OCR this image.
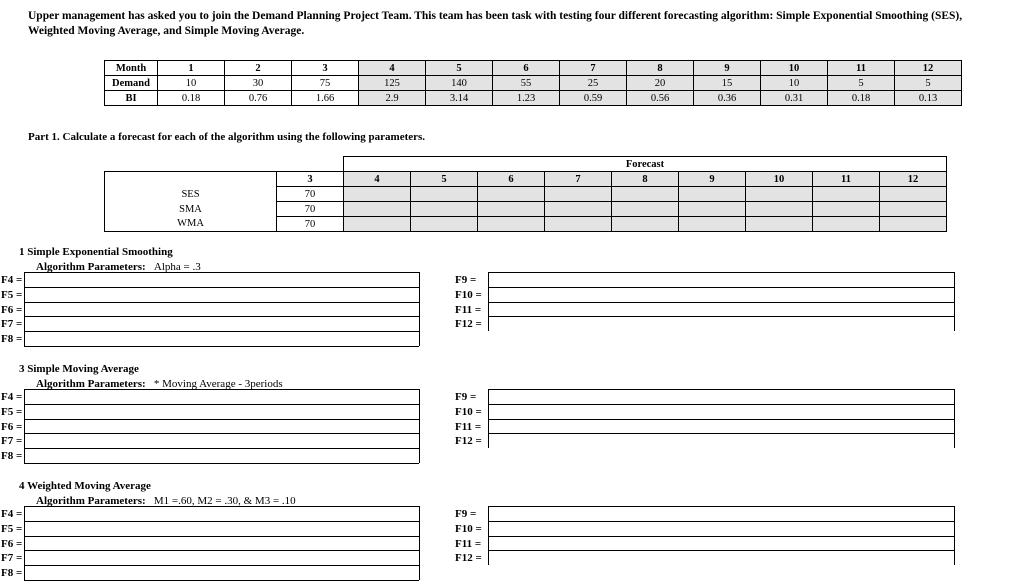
Upper management has asked you to join the Demand Planning Project Team. This team has been task with testing four different forecasting algorithm: Simple Exponential Smoothing (SES), Weighted Moving Average, and Simple Moving Average.
Month	1	2	3	4	5	6	7	8	9	10	11	12
Demand	10	30	75	125	140	55	25	20	15	10	5	5
BI	0.18	0.76	1.66	2.9	3.14	1.23	0.59	0.56	0.36	0.31	0.18	0.13
Part 1. Calculate a forecast for each of the algorithm using the following parameters.
		Forecast								
	3	4	5	6	7	8	9	10	11	12
SES	70									
SMA	70									
WMA	70									
1 Simple Exponential Smoothing
Algorithm Parameters: Alpha = .3
F4 =
F5 =
F6 =
F7 =
F8 =
F9 =
F10 =
F11 =
F12 =
3 Simple Moving Average
Algorithm Parameters: * Moving Average - 3periods
F4 =
F5 =
F6 =
F7 =
F8 =
F9 =
F10 =
F11 =
F12 =
4 Weighted Moving Average
Algorithm Parameters: M1 =.60, M2 = .30, & M3 = .10
F4 =
F5 =
F6 =
F7 =
F8 =
F9 =
F10 =
F11 =
F12 =
